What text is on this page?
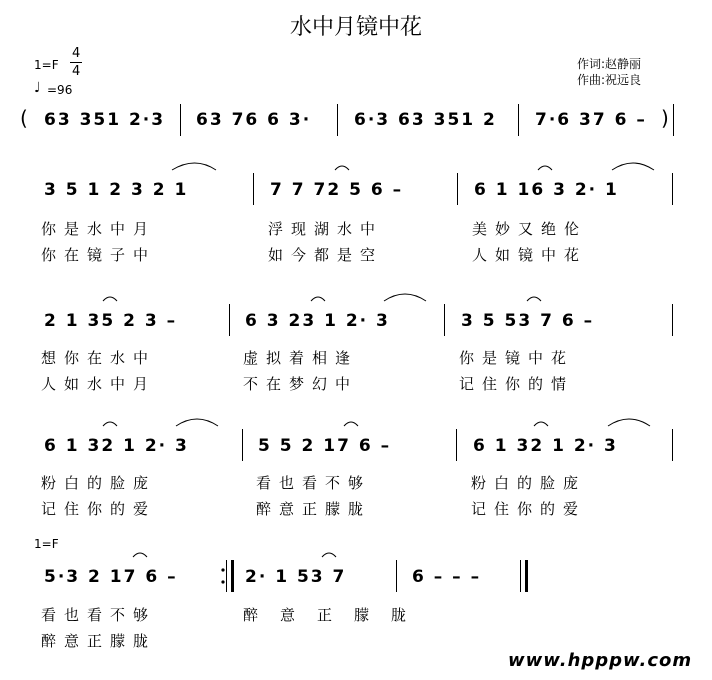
水中月镜中花
1=F
4
4
♩ =96
作词:赵静丽
作曲:祝远良
( 63 351 2·3 63 76 6 3·	6·3 63 351 2 7·6 37 6 – )
3 5 1 2 3 2 1	7 7 72 5 6 –	6 1 16 3 2· 1
你是水中月	浮现湖水中	美妙又绝伦
你在镜子中	如今都是空	人如镜中花
2 1 35 2 3 –	6 3 23 1 2· 3	3 5 53 7 6 –
想你在水中	虚拟着相逢	你是镜中花
人如水中月	不在梦幻中	记住你的情
6 1 32 1 2· 3	5 5 2 17 6 –	6 1 32 1 2· 3
粉白的脸庞	看也看不够	粉白的脸庞
记住你的爱	醉意正朦胧	记住你的爱
1=F
5·3 2 17 6 –	2· 1 53 7	6 – – –
看也看不够	醉意正朦胧
醉意正朦胧
www.hpppw.com
